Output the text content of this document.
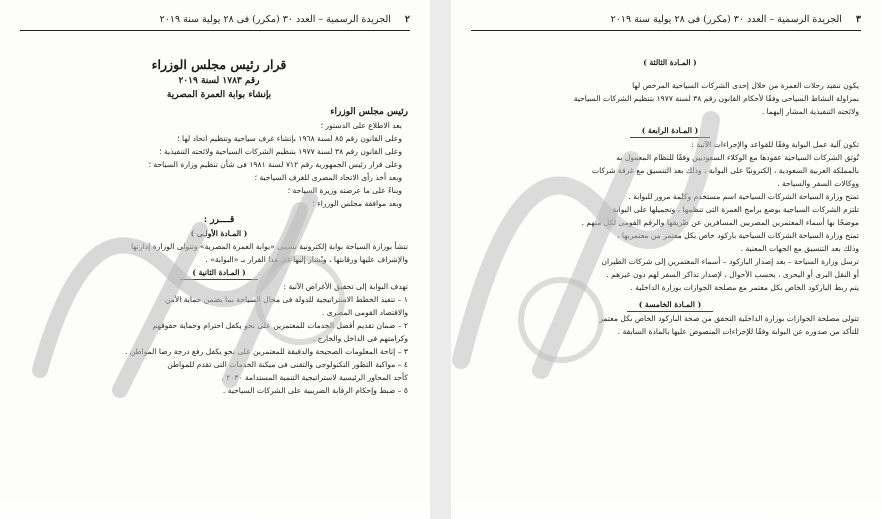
٢
الجريدة الرسمية – العدد ٣٠ (مكرر) فى ٢٨ يولية سنة ٢٠١٩

قرار رئيس مجلس الوزراء

رقم ١٧٨٣ لسنة ٢٠١٩

بإنشاء بوابة العمرة المصرية

رئيس مجلس الوزراء

بعد الاطلاع على الدستور ؛

وعلى القانون رقم ٨٥ لسنة ١٩٦٨ بإنشاء غرف سياحية وتنظيم اتحاد لها ؛

وعلى القانون رقم ٣٨ لسنة ١٩٧٧ بتنظيم الشركات السياحية ولائحته التنفيذية ؛

وعلى قرار رئيس الجمهورية رقم ٧١٢ لسنة ١٩٨١ فى شأن تنظيم وزارة السياحة ؛

وبعد أخذ رأى الاتحاد المصرى للغرف السياحية ؛

وبناءً على ما عرضته وزيرة السياحة ؛

وبعد موافقة مجلس الوزراء ؛

قــــرر :

( المـادة الأولـى )

تنشأ بوزارة السياحة بوابة إلكترونية تسمى «بوابة العمرة المصرية» وتتولى الوزارة إدارتها

والإشراف عليها ورقابتها ، ويُشار إليها فى هذا القرار بـ «البوابة» .

( المـادة الثانية )

تهدف البوابة إلى تحقيق الأغراض الآتية :

١ – تنفيذ الخطط الاستراتيجية للدولة فى مجال السياحة بما يضمن حماية الأمن

والاقتصاد القومى المصرى .

٢ – ضمان تقديم أفضل الخدمات للمعتمرين على نحو يكفل احترام وحماية حقوقهم

وكرامتهم فى الداخل والخارج .

٣ – إتاحة المعلومات الصحيحة والدقيقة للمعتمرين على نحو يكفل رفع درجة رضا المواطن .

٤ – مواكبة التطور التكنولوجى والتقنى فى ميكنة الخدمات التى تقدم للمواطن

كأحد المحاور الرئيسية لاستراتيجية التنمية المستدامة ٢٠٣٠ .

٥ – ضبط وإحكام الرقابة الضريبية على الشركات السياحية .

٣
الجريدة الرسمية – العدد ٣٠ (مكرر) فى ٢٨ يولية سنة ٢٠١٩

( المـادة الثالثة )

يكون تنفيذ رحلات العمرة من خلال إحدى الشركات السياحية المرخص لها

بمزاولة النشاط السياحى وفقًا لأحكام القانون رقم ٣٨ لسنة ١٩٧٧ بتنظيم الشركات السياحية

ولائحته التنفيذية المشار إليهما .

( المـادة الرابعة )

تكون آلية عمل البوابة وفقًا للقواعد والإجراءات الآتية :

تُوثق الشركات السياحية عقودها مع الوكلاء السعوديين وفقًا للنظام المعمول به

بالمملكة العربية السعودية ، إلكترونيًا على البوابة ، وذلك بعد التنسيق مع غرفة شركات

ووكالات السفر والسياحة .

تمنح وزارة السياحة الشركات السياحية اسم مستخدم وكلمة مرور للبوابة .

تلتزم الشركات السياحية بوضع برامج العمرة التى تنظمها ، وتحميلها على البوابة

موضحًا بها أسماء المعتمرين المصريين المسافرين عن طريقها والرقم القومى لكل منهم .

تمنح وزارة السياحة الشركات السياحية باركود خاص بكل معتمر من معتمريها ،

وذلك بعد التنسيق مع الجهات المعنية .

ترسل وزارة السياحة – بعد إصدار الباركود – أسماء المعتمرين إلى شركات الطيران

أو النقل البرى أو البحرى ، بحسب الأحوال ، لإصدار تذاكر السفر لهم دون غيرهم .

يتم ربط الباركود الخاص بكل معتمر مع مصلحة الجوازات بوزارة الداخلية .

( المـادة الخامسة )

تتولى مصلحة الجوازات بوزارة الداخلية التحقق من صحة الباركود الخاص بكل معتمر

للتأكد من صدوره عن البوابة وفقًا للإجراءات المنصوص عليها بالمادة السابقة .
